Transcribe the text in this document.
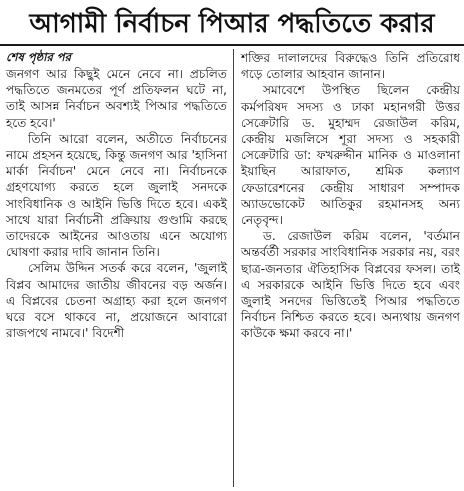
আগামী নির্বাচন পিআর পদ্ধতিতে করার
শেষ পৃষ্ঠার পর

জনগণ আর কিছুই মেনে নেবে না। প্রচলিত পদ্ধতিতে জনমতের পূর্ণ প্রতিফলন ঘটে না, তাই আসন্ন নির্বাচন অবশ্যই পিআর পদ্ধতিতে হতে হবে।'

তিনি আরো বলেন, অতীতে নির্বাচনের নামে প্রহসন হয়েছে, কিন্তু জনগণ আর 'হাসিনা মার্কা নির্বাচন' মেনে নেবে না। নির্বাচনকে গ্রহণযোগ্য করতে হলে জুলাই সনদকে সাংবিধানিক ও আইনি ভিত্তি দিতে হবে। একই সাথে যারা নির্বাচনী প্রক্রিয়ায় গুণ্ডামি করছে তাদেরকে আইনের আওতায় এনে অযোগ্য ঘোষণা করার দাবি জানান তিনি।

সেলিম উদ্দিন সতর্ক করে বলেন, 'জুলাই বিপ্লব আমাদের জাতীয় জীবনের বড় অর্জন। এ বিপ্লবের চেতনা অগ্রাহ্য করা হলে জনগণ ঘরে বসে থাকবে না, প্রয়োজনে আবারো রাজপথে নামবে।' বিদেশী

শক্তির দালালদের বিরুদ্ধেও তিনি প্রতিরোধ গড়ে তোলার আহবান জানান।

সমাবেশে উপস্থিত ছিলেন কেন্দ্রীয় কর্মপরিষদ সদস্য ও ঢাকা মহানগরী উত্তর সেক্রেটারি ড. মুহাম্মদ রেজাউল করিম, কেন্দ্রীয় মজলিসে শূরা সদস্য ও সহকারী সেক্রেটারি ডা: ফখরুদ্দীন মানিক ও মাওলানা ইয়াছিন আরাফাত, শ্রমিক কল্যাণ ফেডারেশনের কেন্দ্রীয় সাধারণ সম্পাদক অ্যাডভোকেট আতিকুর রহমানসহ অন্য নেতৃবৃন্দ।

ড. রেজাউল করিম বলেন, 'বর্তমান অন্তর্বর্তী সরকার সাংবিধানিক সরকার নয়, বরং ছাত্র-জনতার ঐতিহাসিক বিপ্লবের ফসল। তাই এ সরকারকে আইনি ভিত্তি দিতে হবে এবং জুলাই সনদের ভিত্তিতেই পিআর পদ্ধতিতে নির্বাচন নিশ্চিত করতে হবে। অন্যথায় জনগণ কাউকে ক্ষমা করবে না।'
